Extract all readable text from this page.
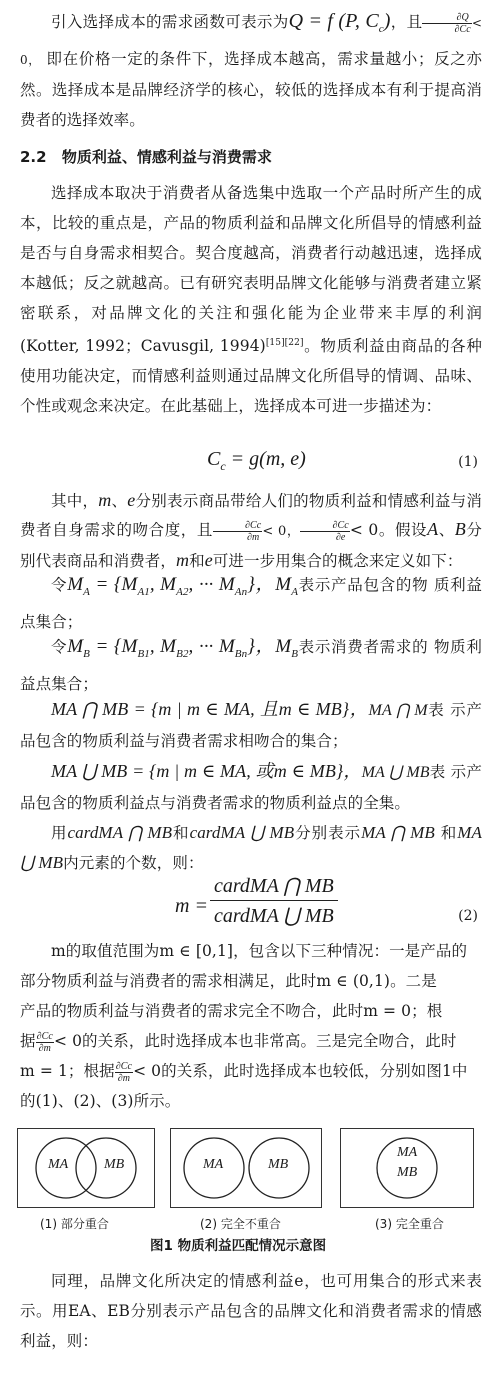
引入选择成本的需求函数可表示为Q = f (P, $C_c$)，且 $\frac{\partial Q}{\partial Cc} < 0$， 即在价格一定的条件下，选择成本越高，需求量越小；反之亦然。选择成本是品牌经济学的核心，较低的选择成本有利于提高消费者的选择效率。
2.2 物质利益、情感利益与消费需求
选择成本取决于消费者从备选集中选取一个产品时所产生的成本，比较的重点是，产品的物质利益和品牌文化所倡导的情感利益是否与自身需求相契合。契合度越高，消费者行动越迅速，选择成本越低；反之就越高。已有研究表明品牌文化能够与消费者建立紧密联系，对品牌文化的关注和强化能为企业带来丰厚的利润(Kotter, 1992；Cavusgil, 1994)[15][22]。物质利益由商品的各种使用功能决定，而情感利益则通过品牌文化所倡导的情调、品味、个性或观念来决定。在此基础上，选择成本可进一步描述为：
$C_c = g(m$, e)	(1)
其中，m、e分别表示商品带给人们的物质利益和情感利益与消费者自身需求的吻合度，且 $\frac{\partial Cc}{\partial m} < 0$， $\frac{\partial Cc}{\partial e} < 0$。假设A、B分别代表商品和消费者，m和e可进一步用集合的概念来定义如下：
令$M_A = \{M_{A1}$, $M_{A2}$, ··· $M_{An}$}，$M_A$表示产品包含的物 质利益点集合；
令$M_B = \{M_{B1}$, $M_{B2}$, ··· $M_{Bn}$}，$M_B$表示消费者需求的 物质利益点集合；
MA ⋂ MB = {m | m ∈ MA, 且m ∈ MB}，MA ⋂ M表 示产品包含的物质利益与消费者需求相吻合的集合；
MA ⋃ MB = {m | m ∈ MA, 或m ∈ MB}，MA ⋃ MB表 示产品包含的物质利益点与消费者需求的物质利益点的全集。
用cardMA ⋂ MB和cardMA ⋃ MB分别表示MA ⋂ MB 和MA ⋃ MB内元素的个数，则：
m =
cardMA ⋂ MB
cardMA ⋃ MB	(2)
m的取值范围为m ∈ [0,1]，包含以下三种情况：一是产品的
部分物质利益与消费者的需求相满足，此时m ∈ (0,1)。二是
产品的物质利益与消费者的需求完全不吻合，此时m = 0；根
据 $\frac{\partial Cc}{\partial m} < 0$的关系，此时选择成本也非常高。三是完全吻合，此时
m = 1；根据 $\frac{\partial Cc}{\partial m} < 0$的关系，此时选择成本也较低，分别如图1中
的(1)、(2)、(3)所示。
MA	MB
(1) 部分重合
MA	MB
(2) 完全不重合
MA
MB
(3) 完全重合
图1 物质利益匹配情况示意图
同理，品牌文化所决定的情感利益e，也可用集合的形式来表示。用EA、EB分别表示产品包含的品牌文化和消费者需求的情感利益，则：
